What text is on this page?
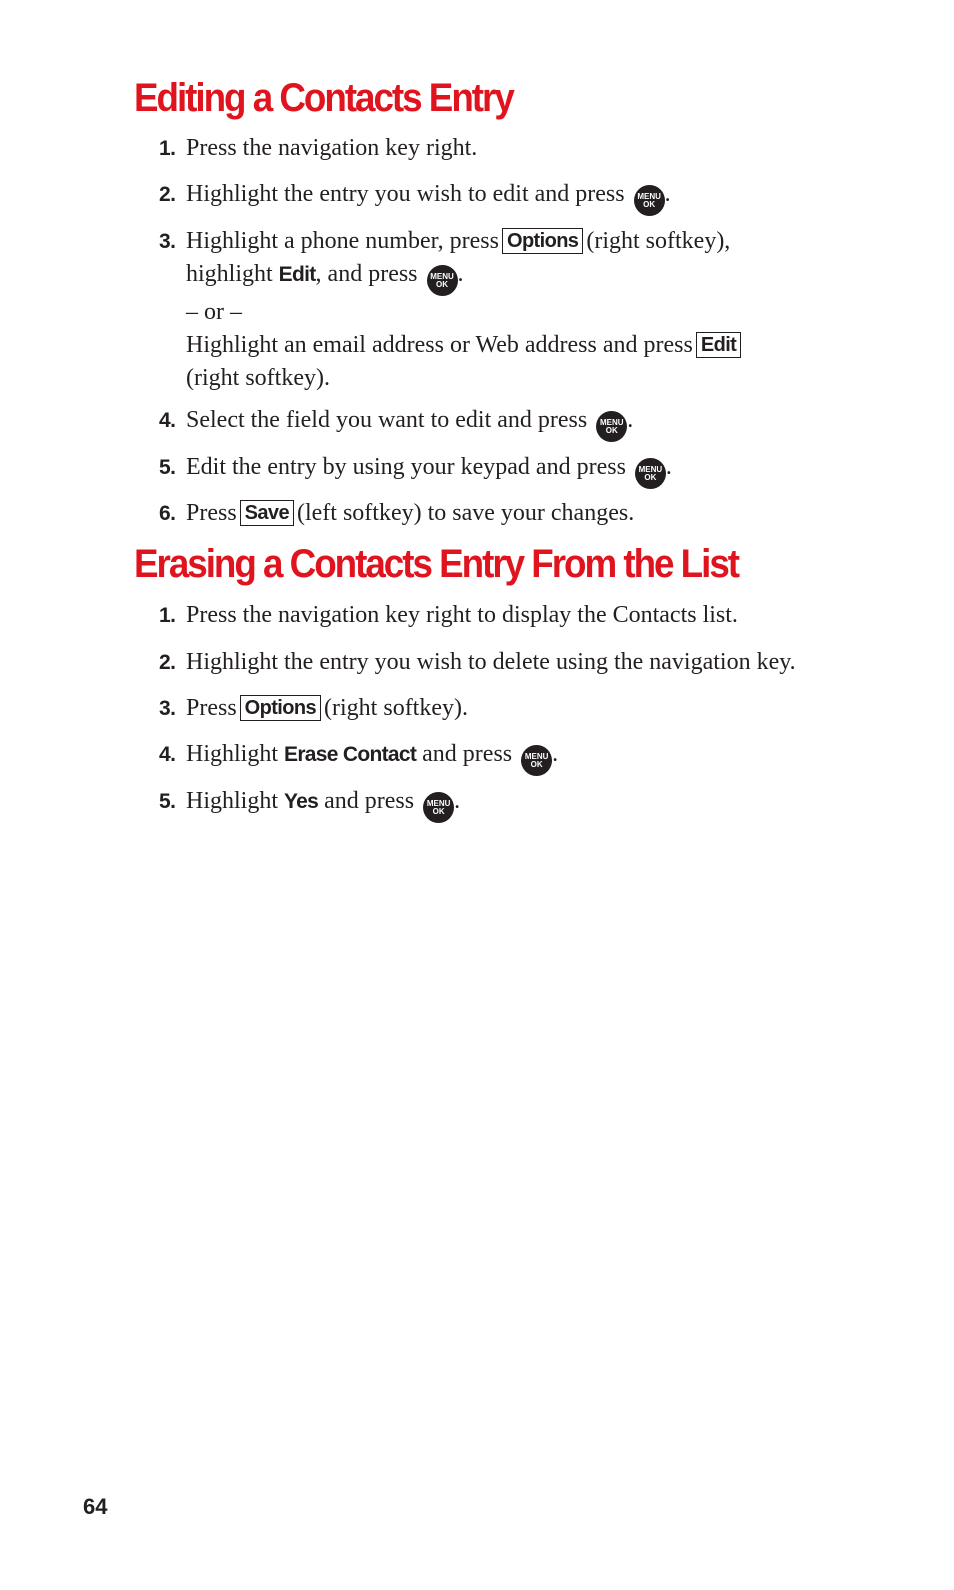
Editing a Contacts Entry
1. Press the navigation key right.
2. Highlight the entry you wish to edit and press	MENU
OK .
3. Highlight a phone number, press Options (right softkey),
highlight Edit, and press	MENU
OK .
– or –
Highlight an email address or Web address and press Edit
(right softkey).
4. Select the field you want to edit and press	MENU
OK .
5. Edit the entry by using your keypad and press	MENU
OK .
6. Press Save (left softkey) to save your changes.
Erasing a Contacts Entry From the List
1. Press the navigation key right to display the Contacts list.
2. Highlight the entry you wish to delete using the navigation key.
3. Press Options (right softkey).
4. Highlight Erase Contact and press	MENU
OK .
5. Highlight Yes and press	MENU
OK .
64
